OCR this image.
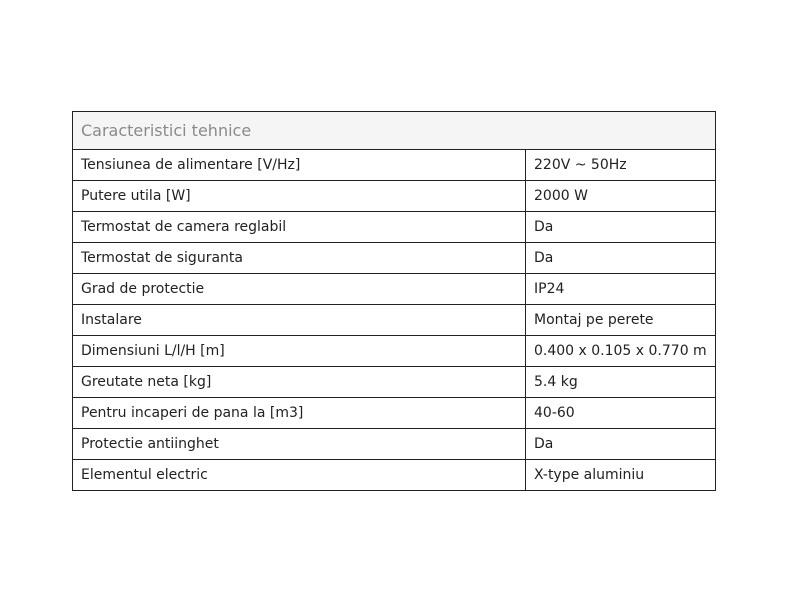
Caracteristici tehnice	
Tensiunea de alimentare [V/Hz]	220V ~ 50Hz
Putere utila [W]	2000 W
Termostat de camera reglabil	Da
Termostat de siguranta	Da
Grad de protectie	IP24
Instalare	Montaj pe perete
Dimensiuni L/l/H [m]	0.400 x 0.105 x 0.770 m
Greutate neta [kg]	5.4 kg
Pentru incaperi de pana la [m3]	40-60
Protectie antiinghet	Da
Elementul electric	X-type aluminiu
